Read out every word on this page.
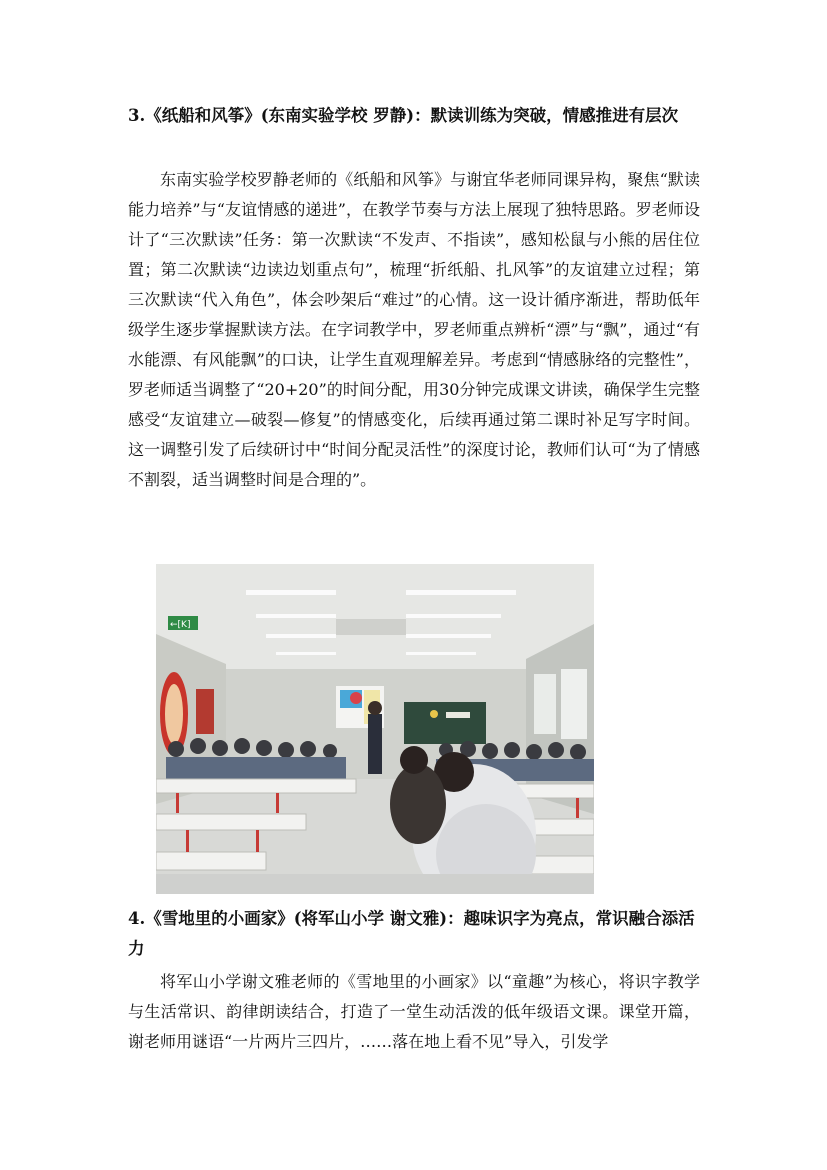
3.《纸船和风筝》(东南实验学校 罗静)：默读训练为突破，情感推进有层次

东南实验学校罗静老师的《纸船和风筝》与谢宜华老师同课异构，聚焦“默读能力培养”与“友谊情感的递进”，在教学节奏与方法上展现了独特思路。罗老师设计了“三次默读”任务：第一次默读“不发声、不指读”，感知松鼠与小熊的居住位置；第二次默读“边读边划重点句”，梳理“折纸船、扎风筝”的友谊建立过程；第三次默读“代入角色”，体会吵架后“难过”的心情。这一设计循序渐进，帮助低年级学生逐步掌握默读方法。在字词教学中，罗老师重点辨析“漂”与“飘”，通过“有水能漂、有风能飘”的口诀，让学生直观理解差异。考虑到“情感脉络的完整性”，罗老师适当调整了“20+20”的时间分配，用30分钟完成课文讲读，确保学生完整感受“友谊建立—破裂—修复”的情感变化，后续再通过第二课时补足写字时间。这一调整引发了后续研讨中“时间分配灵活性”的深度讨论，教师们认可“为了情感不割裂，适当调整时间是合理的”。

←[K]

4.《雪地里的小画家》(将军山小学 谢文雅)：趣味识字为亮点，常识融合添活力

将军山小学谢文雅老师的《雪地里的小画家》以“童趣”为核心，将识字教学与生活常识、韵律朗读结合，打造了一堂生动活泼的低年级语文课。课堂开篇，谢老师用谜语“一片两片三四片，……落在地上看不见”导入，引发学
